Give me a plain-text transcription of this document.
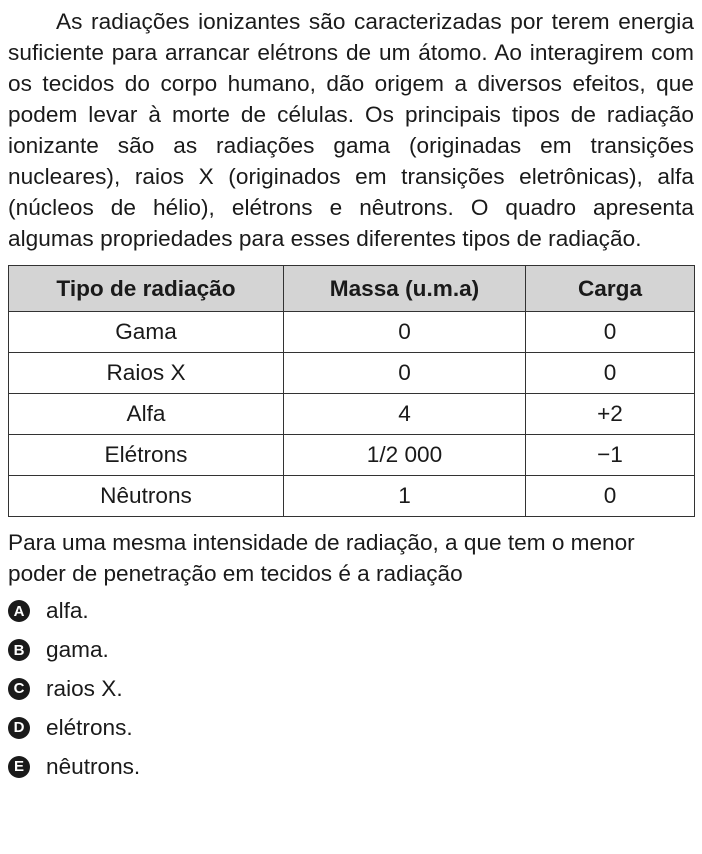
As radiações ionizantes são caracterizadas por terem energia suficiente para arrancar elétrons de um átomo. Ao interagirem com os tecidos do corpo humano, dão origem a diversos efeitos, que podem levar à morte de células. Os principais tipos de radiação ionizante são as radiações gama (originadas em transições nucleares), raios X (originados em transições eletrônicas), alfa (núcleos de hélio), elétrons e nêutrons. O quadro apresenta algumas propriedades para esses diferentes tipos de radiação.

Tipo de radiação	Massa (u.m.a)	Carga
Gama	0	0
Raios X	0	0
Alfa	4	+2
Elétrons	1/2 000	−1
Nêutrons	1	0

Para uma mesma intensidade de radiação, a que tem o menor poder de penetração em tecidos é a radiação

A alfa.
B gama.
C raios X.
D elétrons.
E nêutrons.
